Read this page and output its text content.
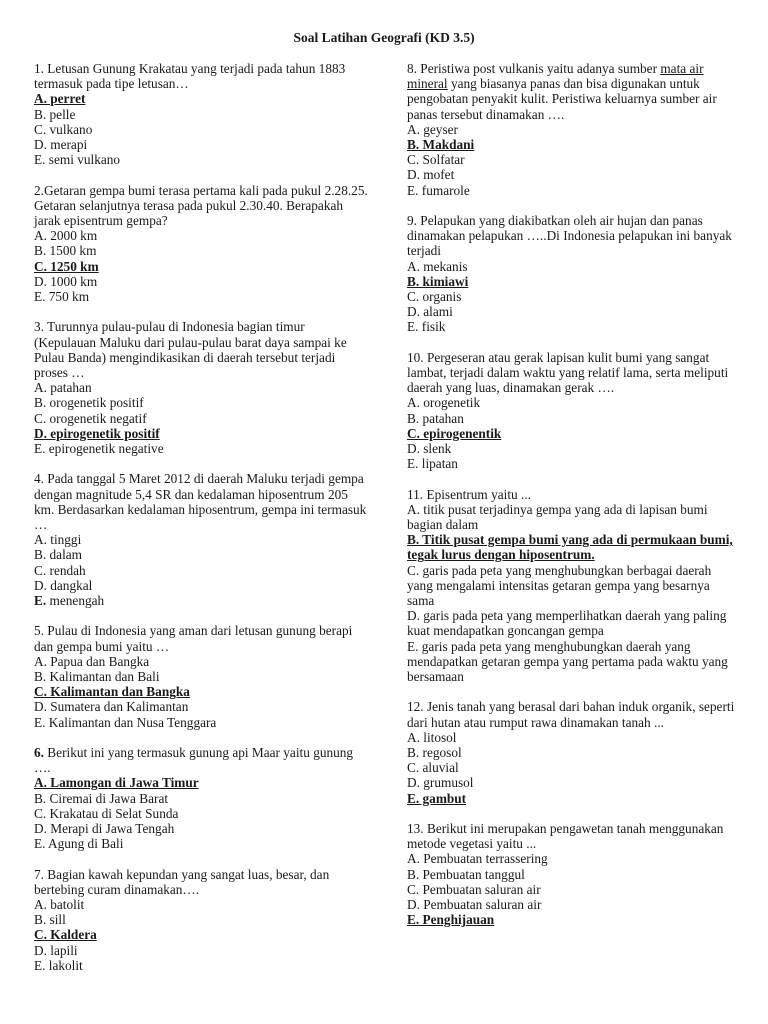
Soal Latihan Geografi (KD 3.5)
1. Letusan Gunung Krakatau yang terjadi pada tahun 1883 termasuk pada tipe letusan…
A. perret
B. pelle
C. vulkano
D. merapi
E. semi vulkano
2.Getaran gempa bumi terasa pertama kali pada pukul 2.28.25. Getaran selanjutnya terasa pada pukul 2.30.40. Berapakah jarak episentrum gempa?
A. 2000 km
B. 1500 km
C. 1250 km
D. 1000 km
E. 750 km
3. Turunnya pulau-pulau di Indonesia bagian timur (Kepulauan Maluku dari pulau-pulau barat daya sampai ke Pulau Banda) mengindikasikan di daerah tersebut terjadi proses …
A. patahan
B. orogenetik positif
C. orogenetik negatif
D. epirogenetik positif
E. epirogenetik negative
4. Pada tanggal 5 Maret 2012 di daerah Maluku terjadi gempa dengan magnitude 5,4 SR dan kedalaman hiposentrum 205 km. Berdasarkan kedalaman hiposentrum, gempa ini termasuk …
A. tinggi
B. dalam
C. rendah
D. dangkal
E. menengah
5. Pulau di Indonesia yang aman dari letusan gunung berapi dan gempa bumi yaitu …
A. Papua dan Bangka
B. Kalimantan dan Bali
C. Kalimantan dan Bangka
D. Sumatera dan Kalimantan
E. Kalimantan dan Nusa Tenggara
6. Berikut ini yang termasuk gunung api Maar yaitu gunung ….
A. Lamongan di Jawa Timur
B. Ciremai di Jawa Barat
C. Krakatau di Selat Sunda
D. Merapi di Jawa Tengah
E. Agung di Bali
7. Bagian kawah kepundan yang sangat luas, besar, dan bertebing curam dinamakan….
A. batolit
B. sill
C. Kaldera
D. lapili
E. lakolit
8. Peristiwa post vulkanis yaitu adanya sumber mata air mineral yang biasanya panas dan bisa digunakan untuk pengobatan penyakit kulit. Peristiwa keluarnya sumber air panas tersebut dinamakan ….
A. geyser
B. Makdani
C. Solfatar
D. mofet
E. fumarole
9. Pelapukan yang diakibatkan oleh air hujan dan panas dinamakan pelapukan …..Di Indonesia pelapukan ini banyak terjadi
A. mekanis
B. kimiawi
C. organis
D. alami
E. fisik
10. Pergeseran atau gerak lapisan kulit bumi yang sangat lambat, terjadi dalam waktu yang relatif lama, serta meliputi daerah yang luas, dinamakan gerak ….
A. orogenetik
B. patahan
C. epirogenentik
D. slenk
E. lipatan
11. Episentrum yaitu ...
A. titik pusat terjadinya gempa yang ada di lapisan bumi bagian dalam
B. Titik pusat gempa bumi yang ada di permukaan bumi, tegak lurus dengan hiposentrum.
C. garis pada peta yang menghubungkan berbagai daerah yang mengalami intensitas getaran gempa yang besarnya sama
D. garis pada peta yang memperlihatkan daerah yang paling kuat mendapatkan goncangan gempa
E. garis pada peta yang menghubungkan daerah yang mendapatkan getaran gempa yang pertama pada waktu yang bersamaan
12. Jenis tanah yang berasal dari bahan induk organik, seperti dari hutan atau rumput rawa dinamakan tanah ...
A. litosol
B. regosol
C. aluvial
D. grumusol
E. gambut
13. Berikut ini merupakan pengawetan tanah menggunakan metode vegetasi yaitu ...
A. Pembuatan terrassering
B. Pembuatan tanggul
C. Pembuatan saluran air
D. Pembuatan saluran air
E. Penghijauan
